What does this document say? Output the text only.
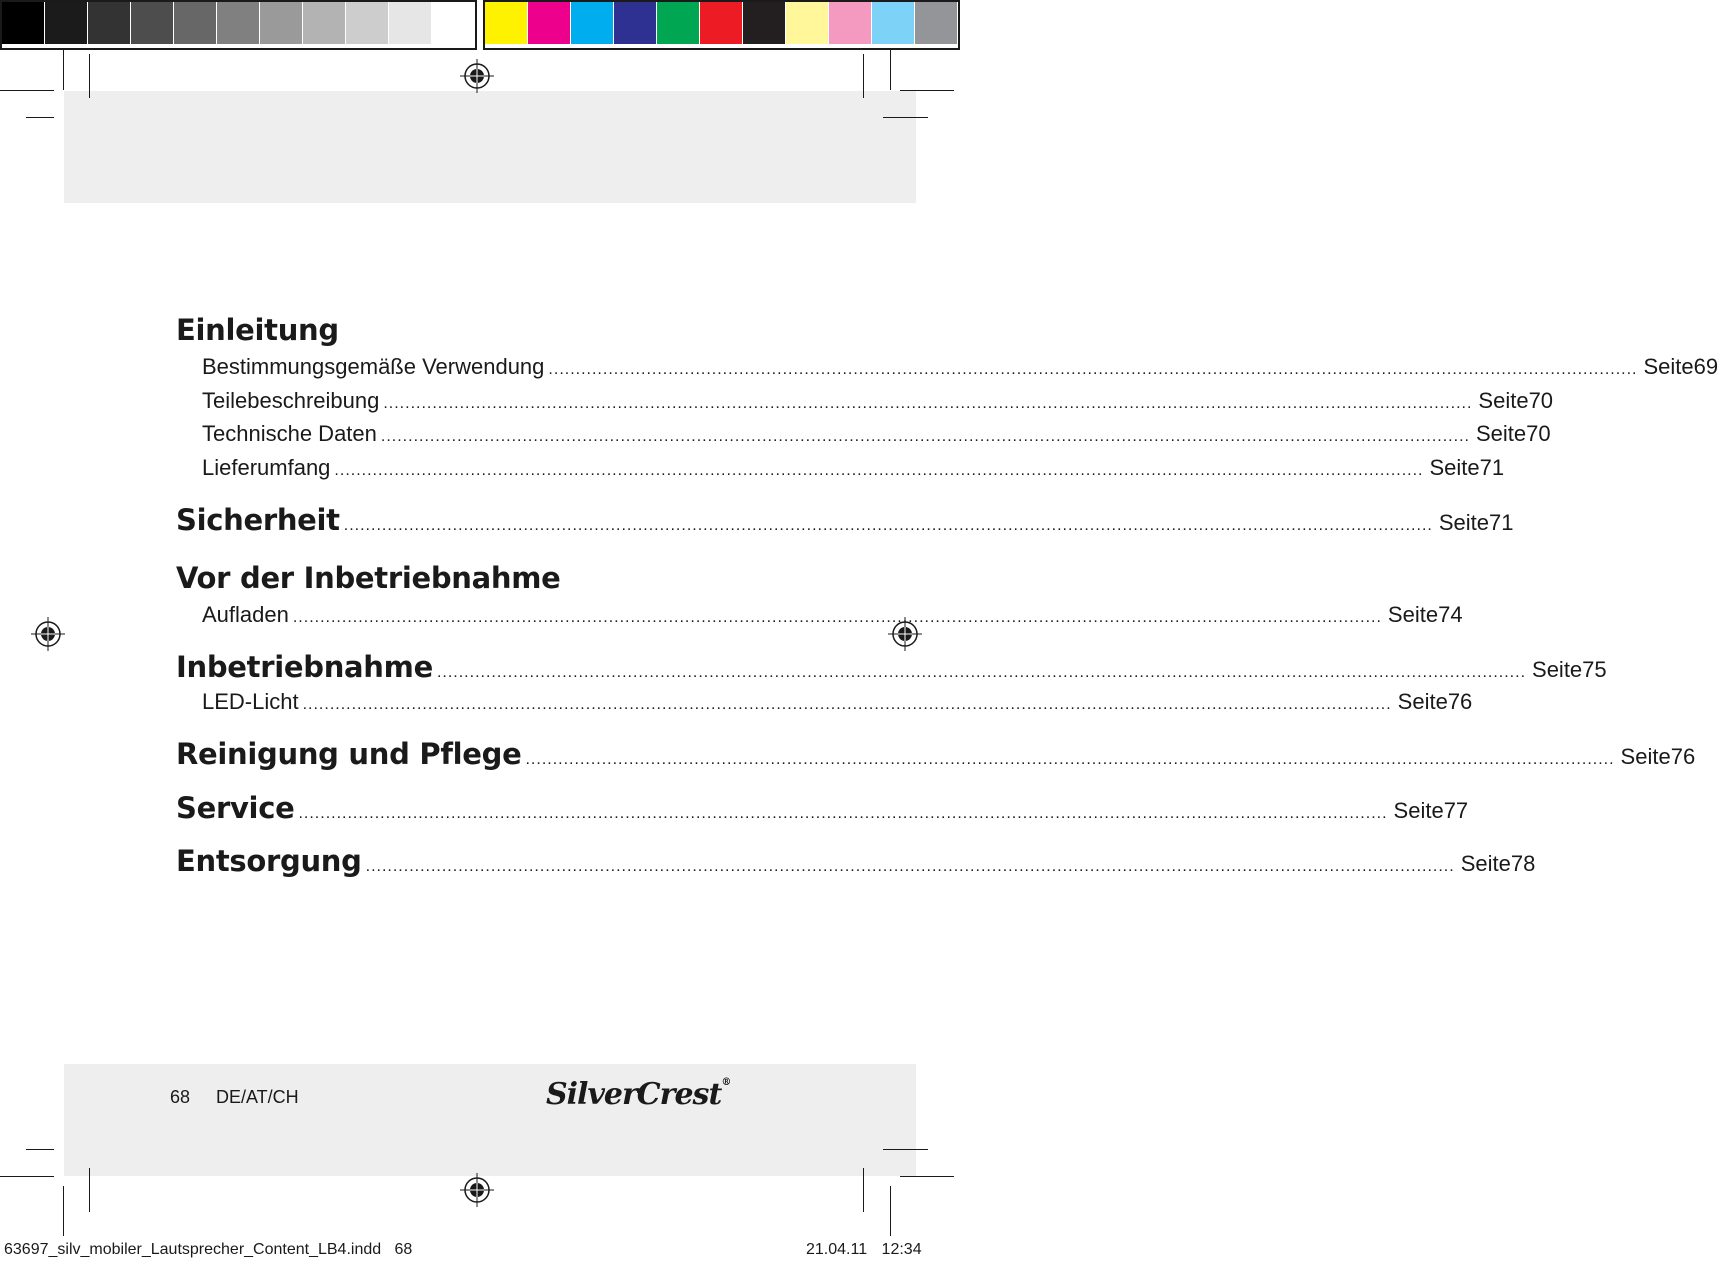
Einleitung
Bestimmungsgemäße Verwendung ........................................................................................................................................................................................................ Seite 69
Teilebeschreibung ........................................................................................................................................................................................................ Seite 70
Technische Daten ........................................................................................................................................................................................................ Seite 70
Lieferumfang ........................................................................................................................................................................................................ Seite 71
Sicherheit ........................................................................................................................................................................................................ Seite 71
Vor der Inbetriebnahme
Aufladen ........................................................................................................................................................................................................ Seite 74
Inbetriebnahme ........................................................................................................................................................................................................ Seite 75
LED-Licht ........................................................................................................................................................................................................ Seite 76
Reinigung und Pflege ........................................................................................................................................................................................................ Seite 76
Service ........................................................................................................................................................................................................ Seite 77
Entsorgung ........................................................................................................................................................................................................ Seite 78
68 DE/AT/CH	SilverCrest®
63697_silv_mobiler_Lautsprecher_Content_LB4.indd   68	21.04.11 12:34
